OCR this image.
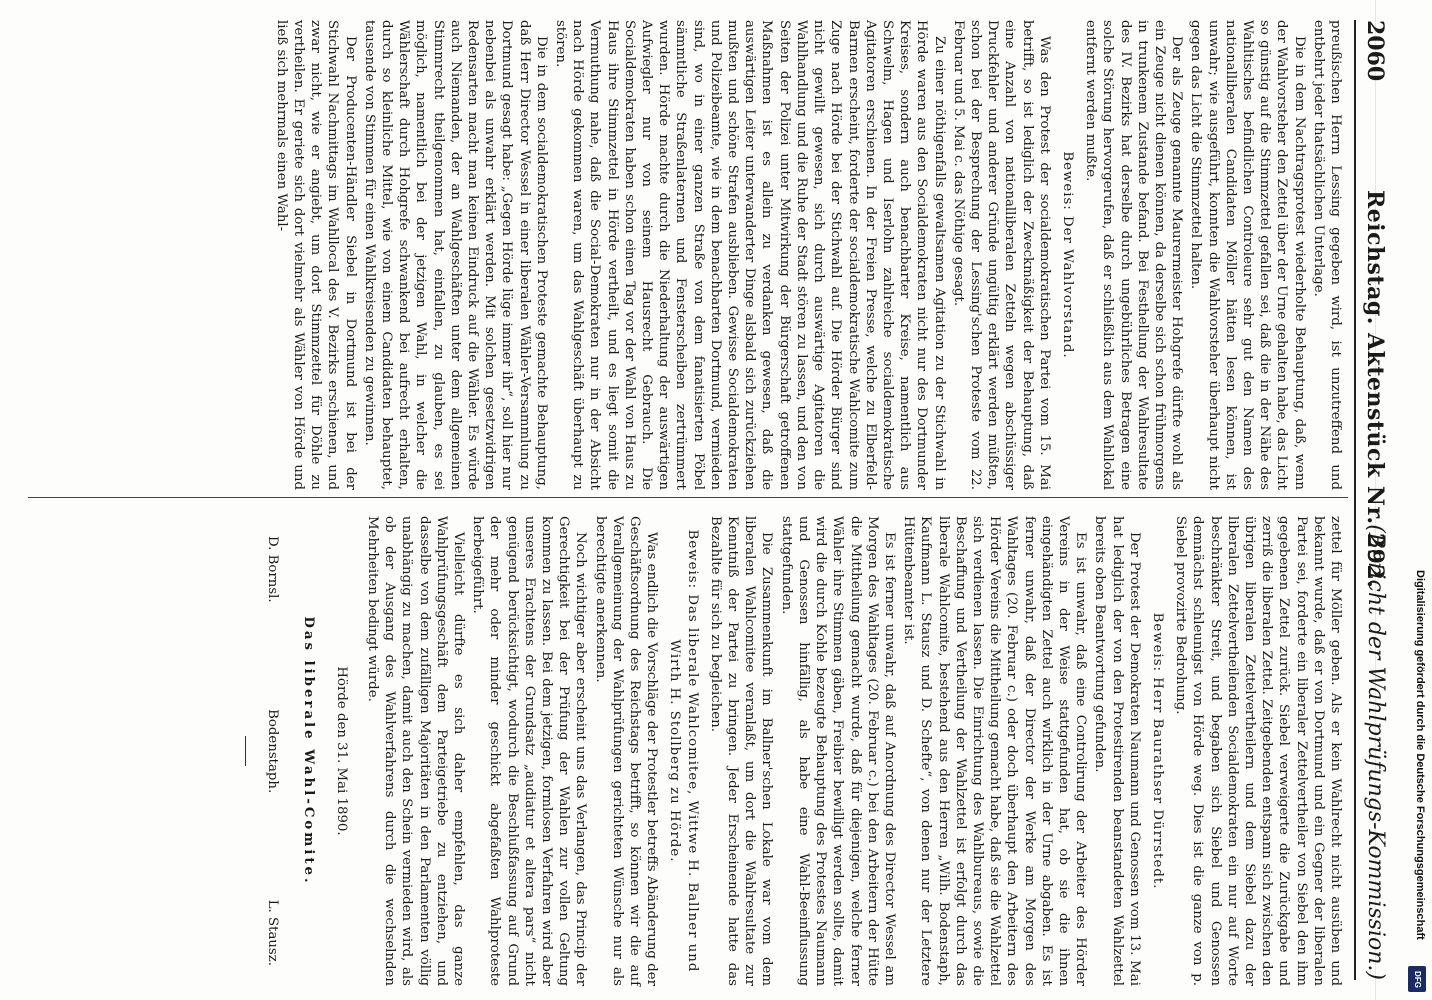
2060
Reichstag. Aktenstück Nr. 292.
(Bericht der Wahlprüfungs-Kommission.)

preußischen Herrn Lessing gegeben wird, ist unzutreffend und entbehrt jeder thatsächlichen Unterlage.

Die in dem Nachtragsprotest wiederholte Behauptung, daß, wenn der Wahlvorsteher den Zettel über der Urne gehalten habe, das Licht so günstig auf die Stimmzettel gefallen sei, daß die in der Nähe des Wahltisches befindlichen Controleure sehr gut den Namen des nationalliberalen Candidaten Möller hätten lesen können, ist unwahr; wie ausgeführt, konnten die Wahlvorsteher überhaupt nicht gegen das Licht die Stimmzettel halten.

Der als Zeuge genannte Maurermeister Hohgrefe dürfte wohl als ein Zeuge nicht dienen können, da derselbe sich schon frühmorgens in trunkenem Zustande befand. Bei Festhellung der Wahlresultate des IV. Bezirks hat derselbe durch ungebührliches Betragen eine solche Störung hervorgerufen, daß er schließlich aus dem Wahllokal entfernt werden mußte.

Beweis: Der Wahlvorstand.

Was den Protest der socialdemokratischen Partei vom 15. Mai betrifft, so ist lediglich der Zweckmäßigkeit der Behauptung, daß eine Anzahl von nationalliberalen Zetteln wegen abschüssiger Druckfehler und anderer Gründe ungültig erklärt werden müßten, schon bei der Besprechung der Lessing'schen Proteste vom 22. Februar und 5. Mai c. das Nöthige gesagt.

Zu einer nöthigenfalls gewaltsamen Agitation zu der Stichwahl in Hörde waren aus den Socialdemokraten nicht nur des Dortmunder Kreises, sondern auch benachbarter Kreise, namentlich aus Schwelm, Hagen und Iserlohn zahlreiche socialdemokratische Agitatoren erschienen. In der Freien Presse, welche zu Elberfeld-Barmen erscheint, forderte der socialdemokratische Wahlcomite zum Zuge nach Hörde bei der Stichwahl auf. Die Hörder Bürger sind nicht gewillt gewesen, sich durch auswärtige Agitatoren die Wahlhandlung und die Ruhe der Stadt stören zu lassen, und den von Seiten der Polizei unter Mitwirkung der Bürgerschaft getroffenen Maßnahmen ist es allein zu verdanken gewesen, daß die auswärtigen Leiter unterwanderter Dinge alsbald sich zurückziehen mußten und schöne Strafen ausblieben. Gewisse Socialdemokraten und Polizeibeamte, wie in dem benachbarten Dortmund, vermieden sind, wo in einer ganzen Straße von dem fanatisierten Pöbel sämmtliche Straßenlaternen und Fensterscheiben zertrümmert wurden. Hörde machte durch die Niederhaltung der auswärtigen Aufwiegler nur von seinem Hausrecht Gebrauch. Die Socialdemokraten haben schon einen Tag vor der Wahl von Haus zu Haus ihre Stimmzettel in Hörde vertheilt, und es liegt somit die Vermuthung nahe, daß die Social-Demokraten nur in der Absicht nach Hörde gekommen waren, um das Wahlgeschäft überhaupt zu stören.

Die in dem socialdemokratischen Proteste gemachte Behauptung, daß Herr Director Wessel in einer liberalen Wähler-Versammlung zu Dortmund gesagt habe: „Gegen Hörde lüge immer ihr“, soll hier nur nebenbei als unwahr erklärt werden. Mit solchen gesetzwidrigen Redensarten macht man keinen Eindruck auf die Wähler. Es würde auch Niemanden, der an Wahlgeschäften unter dem allgemeinen Stimmrecht theilgenommen hat, einfallen, zu glauben, es sei möglich, namentlich bei der jetzigen Wahl, in welcher die Wählerschaft durch Hohgrefe schwankend bei aufrecht erhalten, durch so kleinliche Mittel, wie von einem Candidaten behauptet, tausende von Stimmen für einen Wahlkreisenden zu gewinnen.

Der Producenten-Händler Siebel in Dortmund ist bei der Stichwahl Nachmittags im Wahllocal des V. Bezirks erschienen, und zwar nicht, wie er angiebt, um dort Stimmzettel für Döhle zu vertheilen. Er geriete sich dort vielmehr als Wähler von Hörde und ließ sich mehrmals einen Wahl-

zettel für Möller geben. Als er kein Wahlrecht nicht ausüben und bekannt wurde, daß er von Dortmund und ein Gegner der liberalen Partei sei, forderte ein liberaler Zettelvertheiler von Siebel den ihm gegebenen Zettel zurück. Siebel verweigerte die Zurückgabe und zerriß die liberalen Zettel. Zeitgebenden entspann sich zwischen den übrigen liberalen Zettelvertheilern und dem Siebel dazu der liberalen Zettelvertheilenden Socialdemokraten ein nur auf Worte beschränkter Streit, und begaben sich Siebel und Genossen demnächst schleunigst von Hörde weg. Dies ist die ganze von p. Siebel provozirte Bedrohung.

Beweis: Herr Baurathser Dürrstedt.

Der Protest der Demokraten Naumann und Genossen vom 13. Mai hat lediglich der von den Protestirenden beanstandeten Wahlzettel bereits oben Beantwortung gefunden.

Es ist unwahr, daß eine Controlirung der Arbeiter des Hörder Vereins in der Weise stattgefunden hat, ob sie die ihnen eingehändigten Zettel auch wirklich in der Urne abgaben. Es ist ferner unwahr, daß der Director der Werke am Morgen des Wahltages (20. Februar c.) oder doch überhaupt den Arbeitern des Hörder Vereins die Mittheilung gemacht habe, daß sie die Wahlzettel sich verdienen lassen. Die Einrichtung des Wahlbureaus, sowie die Beschaffung und Vertheilung der Wahlzettel ist erfolgt durch das liberale Wahlcomite, bestehend aus den Herren „Wilh. Bodenstaph, Kaufmann L. Stausz und D. Schefte“, von denen nur der Letztere Hüttenbeamter ist.

Es ist ferner unwahr, daß auf Anordnung des Director Wessel am Morgen des Wahltages (20. Februar c.) bei den Arbeitern der Hütte die Mittheilung gemacht wurde, daß für diejenigen, welche ferner Wähler ihre Stimmen gäben, Freibier bewilligt werden sollte, damit wird die durch Kohle bezeugte Behauptung des Protestes Naumann und Genossen hinfällig, als habe eine Wahl-Beeinflussung stattgefunden.

Die Zusammenkunft im Ballner'schen Lokale war vom dem liberalen Wahlcomitee veranlaßt, um dort die Wahlresultate zur Kenntniß der Partei zu bringen. Jeder Erscheinende hatte das Bezahlte für sich zu begleichen.

Beweis: Das liberale Wahlcomitee, Wittwe H. Ballner und Wirth H. Stollberg zu Hörde.

Was endlich die Vorschläge der Protestler betreffs Abänderung der Geschäftsordnung des Reichstags betrifft, so können wir die auf Verallgemeinung der Wahlprüfungen gerichteten Wünsche nur als berechtigte anerkennen.

Noch wichtiger aber erscheint uns das Verlangen, das Princip der Gerechtigkeit bei der Prüfung der Wahlen zur vollen Geltung kommen zu lassen. Bei dem jetzigen, formlosen Verfahren wird aber unseres Erachtens der Grundsatz „audiatur et altera pars“ nicht genügend berücksichtigt, wodurch die Beschlußfassung auf Grund der mehr oder minder geschickt abgefaßten Wahlproteste herbeigeführt.

Vielleicht dürfte es sich daher empfehlen, das ganze Wahlprüfungsgeschäft dem Parteigetriebe zu entziehen, und dasselbe von dem zufälligen Majoritäten in den Parlamenten völlig unabhängig zu machen, damit auch den Schein vermieden wird, als ob der Ausgang des Wahlverfahrens durch die wechselnden Mehrheiten bedingt würde.

Hörde den 31. Mai 1890.

Das liberale Wahl-Comite.

D. Bornsl.
Bodenstaph.
L. Stausz.	Digitalisierung gefördert durch die Deutsche Forschungsgemeinschaft
DFG
